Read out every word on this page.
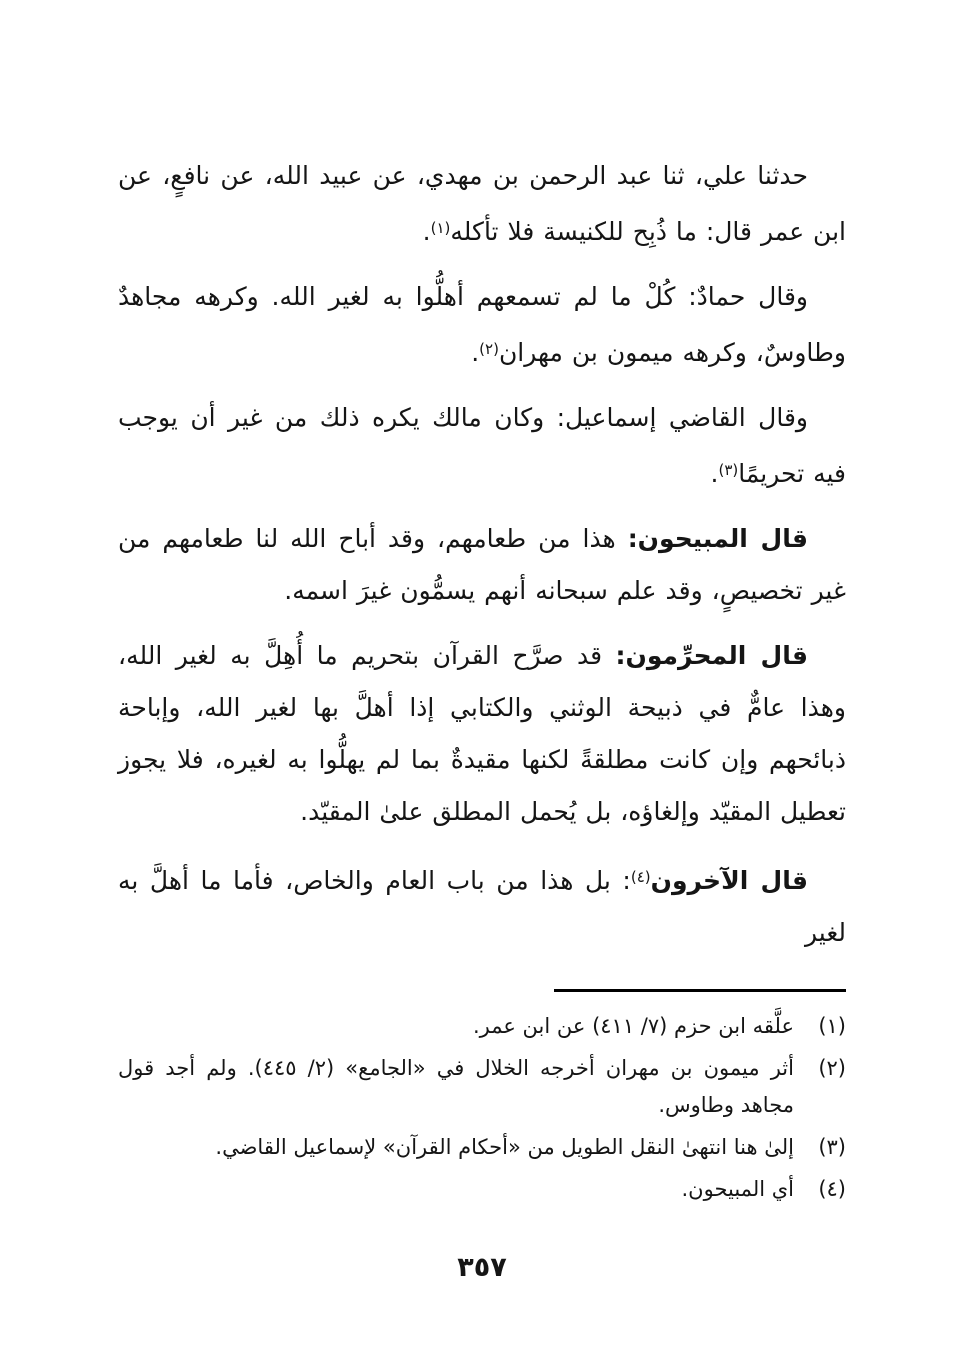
حدثنا علي، ثنا عبد الرحمن بن مهدي، عن عبيد الله، عن نافعٍ، عن ابن عمر قال: ما ذُبِح للكنيسة فلا تأكله$^{(١)}$.

وقال حمادٌ: كُلْ ما لم تسمعهم أهلُّوا به لغير الله. وكرهه مجاهدٌ وطاوسٌ، وكرهه ميمون بن مهران$^{(٢)}$.

وقال القاضي إسماعيل: وكان مالك يكره ذلك من غير أن يوجب فيه تحريمًا$^{(٣)}$.

قال المبيحون: هذا من طعامهم، وقد أباح الله لنا طعامهم من غير تخصيصٍ، وقد علم سبحانه أنهم يسمُّون غيرَ اسمه.

قال المحرِّمون: قد صرَّح القرآن بتحريم ما أُهِلَّ به لغير الله، وهذا عامٌّ في ذبيحة الوثني والكتابي إذا أهلَّ بها لغير الله، وإباحة ذبائحهم وإن كانت مطلقةً لكنها مقيدةٌ بما لم يهلُّوا به لغيره، فلا يجوز تعطيل المقيّد وإلغاؤه، بل يُحمل المطلق علىٰ المقيّد.

قال الآخرون$^{(٤)}$: بل هذا من باب العام والخاص، فأما ما أهلَّ به لغير

(١)
علَّقه ابن حزم (٧/ ٤١١) عن ابن عمر.
(٢)
أثر ميمون بن مهران أخرجه الخلال في «الجامع» (٢/ ٤٤٥). ولم أجد قول مجاهد وطاوس.
(٣)
إلىٰ هنا انتهىٰ النقل الطويل من «أحكام القرآن» لإسماعيل القاضي.
(٤)
أي المبيحون.
٣٥٧
